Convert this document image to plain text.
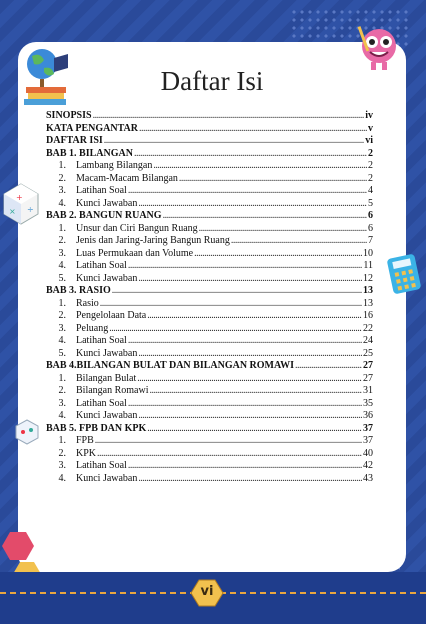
+
× ÷
vi
Daftar Isi
SINOPSIS .....	iv
KATA PENGANTAR .....	v
DAFTAR ISI .....	vi
BAB 1. BILANGAN .....	2
1. Lambang Bilangan .....	2
2. Macam-Macam Bilangan .....	2
3. Latihan Soal .....	4
4. Kunci Jawaban .....	5
BAB 2. BANGUN RUANG .....	6
1. Unsur dan Ciri Bangun Ruang .....	6
2. Jenis dan Jaring-Jaring Bangun Ruang .....	7
3. Luas Permukaan dan Volume .....	10
4. Latihan Soal .....	11
5. Kunci Jawaban .....	12
BAB 3. RASIO .....	13
1. Rasio .....	13
2. Pengelolaan Data .....	16
3. Peluang .....	22
4. Latihan Soal .....	24
5. Kunci Jawaban .....	25
BAB 4.BILANGAN BULAT DAN BILANGAN ROMAWI .....	27
1. Bilangan Bulat .....	27
2. Bilangan Romawi .....	31
3. Latihan Soal .....	35
4. Kunci Jawaban .....	36
BAB 5. FPB DAN KPK .....	37
1. FPB .....	37
2. KPK .....	40
3. Latihan Soal .....	42
4. Kunci Jawaban .....	43
